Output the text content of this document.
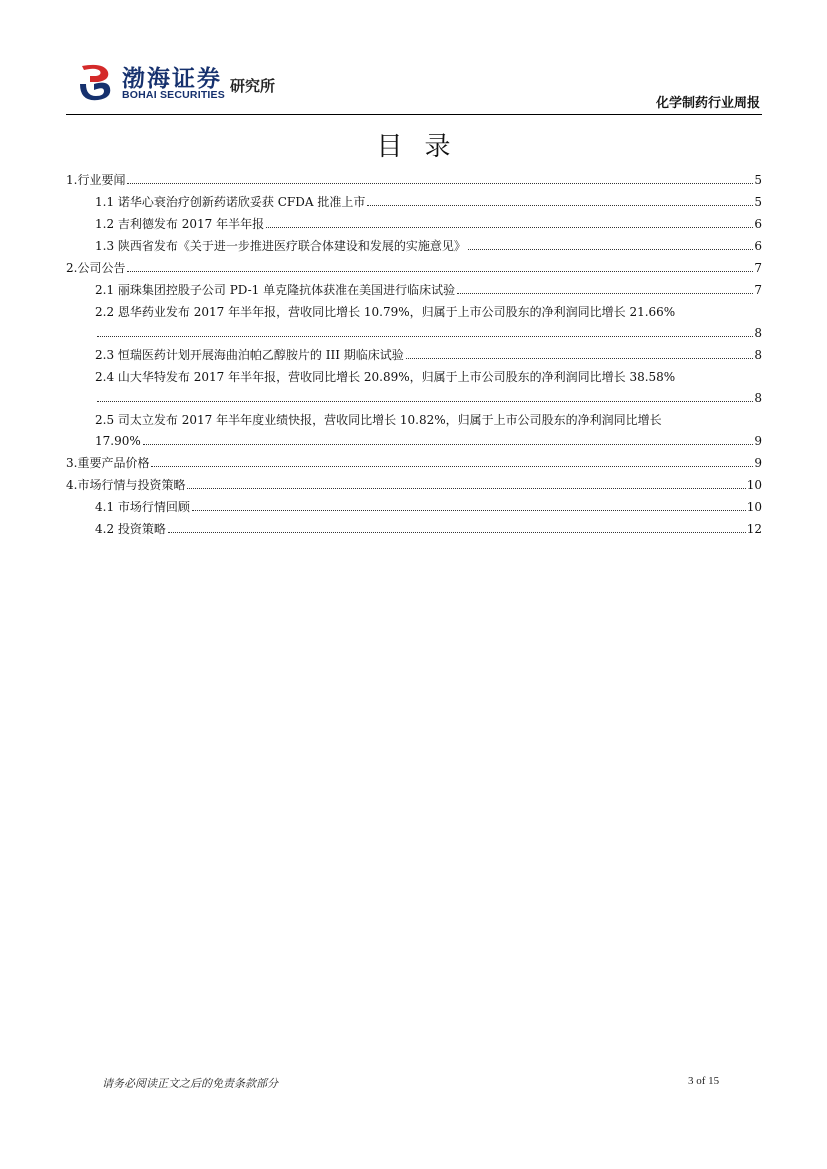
渤海证券
BOHAI SECURITIES 研究所
化学制药行业周报
目录
1.行业要闻	5
1.1 诺华心衰治疗创新药诺欣妥获 CFDA 批准上市	5
1.2 吉利德发布 2017 年半年报	6
1.3 陕西省发布《关于进一步推进医疗联合体建设和发展的实施意见》	6
2.公司公告	7
2.1 丽珠集团控股子公司 PD-1 单克隆抗体获准在美国进行临床试验	7
2.2 恩华药业发布 2017 年半年报，营收同比增长 10.79%，归属于上市公司股东的净利润同比增长 21.66%
8
2.3 恒瑞医药计划开展海曲泊帕乙醇胺片的 III 期临床试验	8
2.4 山大华特发布 2017 年半年报，营收同比增长 20.89%，归属于上市公司股东的净利润同比增长 38.58%
8
2.5 司太立发布 2017 年半年度业绩快报，营收同比增长 10.82%，归属于上市公司股东的净利润同比增长
17.90%	9
3.重要产品价格	9
4.市场行情与投资策略	10
4.1 市场行情回顾	10
4.2 投资策略	12
请务必阅读正文之后的免责条款部分	3 of 15
